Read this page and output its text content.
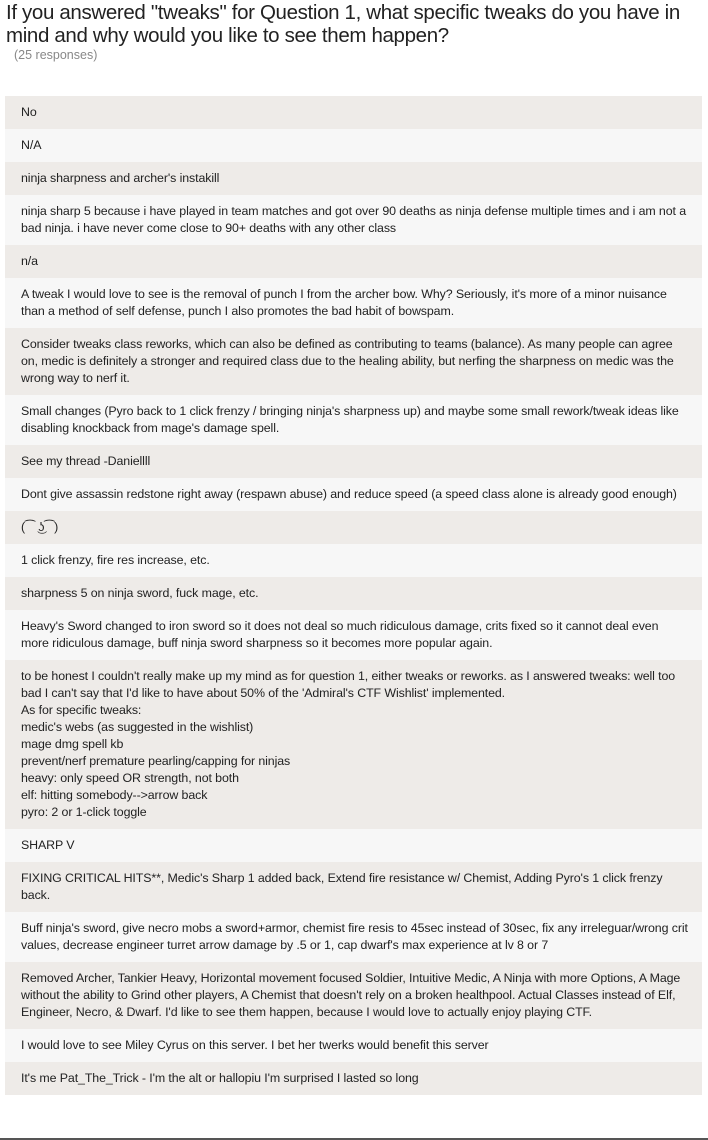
If you answered "tweaks" for Question 1, what specific tweaks do you have in mind and why would you like to see them happen?
(25 responses)
No
N/A
ninja sharpness and archer's instakill
ninja sharp 5 because i have played in team matches and got over 90 deaths as ninja defense multiple times and i am not a bad ninja. i have never come close to 90+ deaths with any other class
n/a
A tweak I would love to see is the removal of punch I from the archer bow. Why? Seriously, it's more of a minor nuisance than a method of self defense, punch I also promotes the bad habit of bowspam.
Consider tweaks class reworks, which can also be defined as contributing to teams (balance). As many people can agree on, medic is definitely a stronger and required class due to the healing ability, but nerfing the sharpness on medic was the wrong way to nerf it.
Small changes (Pyro back to 1 click frenzy / bringing ninja's sharpness up) and maybe some small rework/tweak ideas like disabling knockback from mage's damage spell.
See my thread -Daniellll
Dont give assassin redstone right away (respawn abuse) and reduce speed (a speed class alone is already good enough)
(⁀ ͜ʖ⁀)
1 click frenzy, fire res increase, etc.
sharpness 5 on ninja sword, fuck mage, etc.
Heavy's Sword changed to iron sword so it does not deal so much ridiculous damage, crits fixed so it cannot deal even more ridiculous damage, buff ninja sword sharpness so it becomes more popular again.
to be honest I couldn't really make up my mind as for question 1, either tweaks or reworks. as I answered tweaks: well too bad I can't say that I'd like to have about 50% of the 'Admiral's CTF Wishlist' implemented.
As for specific tweaks:
medic's webs (as suggested in the wishlist)
mage dmg spell kb
prevent/nerf premature pearling/capping for ninjas
heavy: only speed OR strength, not both
elf: hitting somebody-->arrow back
pyro: 2 or 1-click toggle
SHARP V
FIXING CRITICAL HITS**, Medic's Sharp 1 added back, Extend fire resistance w/ Chemist, Adding Pyro's 1 click frenzy back.
Buff ninja's sword, give necro mobs a sword+armor, chemist fire resis to 45sec instead of 30sec, fix any irreleguar/wrong crit values, decrease engineer turret arrow damage by .5 or 1, cap dwarf's max experience at lv 8 or 7
Removed Archer, Tankier Heavy, Horizontal movement focused Soldier, Intuitive Medic, A Ninja with more Options, A Mage without the ability to Grind other players, A Chemist that doesn't rely on a broken healthpool. Actual Classes instead of Elf, Engineer, Necro, & Dwarf. I'd like to see them happen, because I would love to actually enjoy playing CTF.
I would love to see Miley Cyrus on this server. I bet her twerks would benefit this server
It's me Pat_The_Trick - I'm the alt or hallopiu I'm surprised I lasted so long
